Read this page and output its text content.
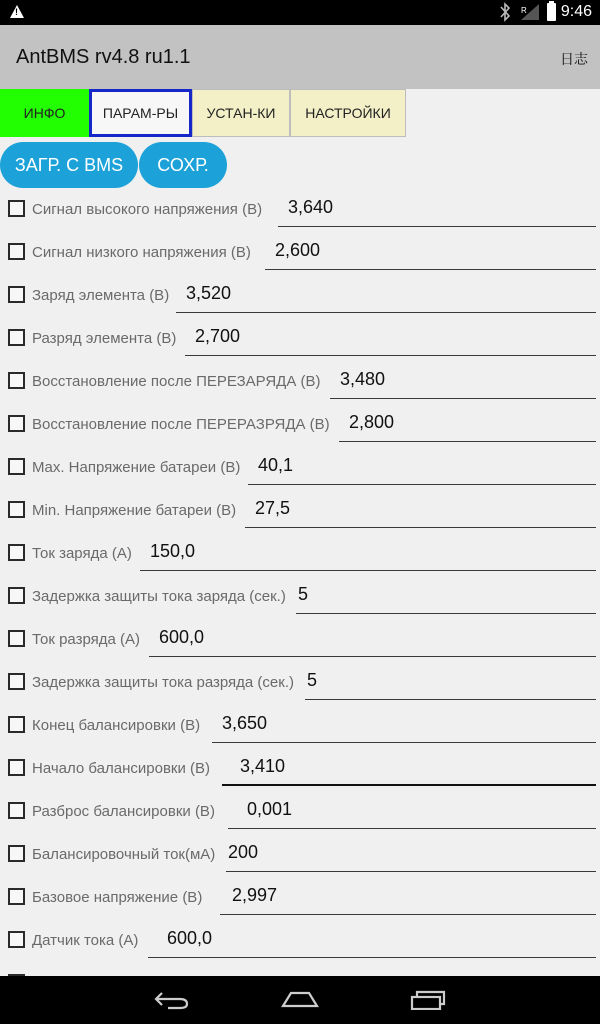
!
R 9:46
AntBMS rv4.8 ru1.1	日志
ИНФО	ПАРАМ-РЫ	УСТАН-КИ	НАСТРОЙКИ
ЗАГР. С BMS	СОХР.
Сигнал высокого напряжения (В) 3,640
Сигнал низкого напряжения (В) 2,600
Заряд элемента (В) 3,520
Разряд элемента (В) 2,700
Восстановление после ПЕРЕЗАРЯДА (В) 3,480
Восстановление после ПЕРЕРАЗРЯДА (В) 2,800
Max. Напряжение батареи (В) 40,1
Min. Напряжение батареи (В) 27,5
Ток заряда (А) 150,0
Задержка защиты тока заряда (сек.) 5
Ток разряда (А) 600,0
Задержка защиты тока разряда (сек.) 5
Конец балансировки (В) 3,650
Начало балансировки (В) 3,410
Разброс балансировки (В) 0,001
Балансировочный ток(мА) 200
Базовое напряжение (В) 2,997
Датчик тока (А) 600,0
